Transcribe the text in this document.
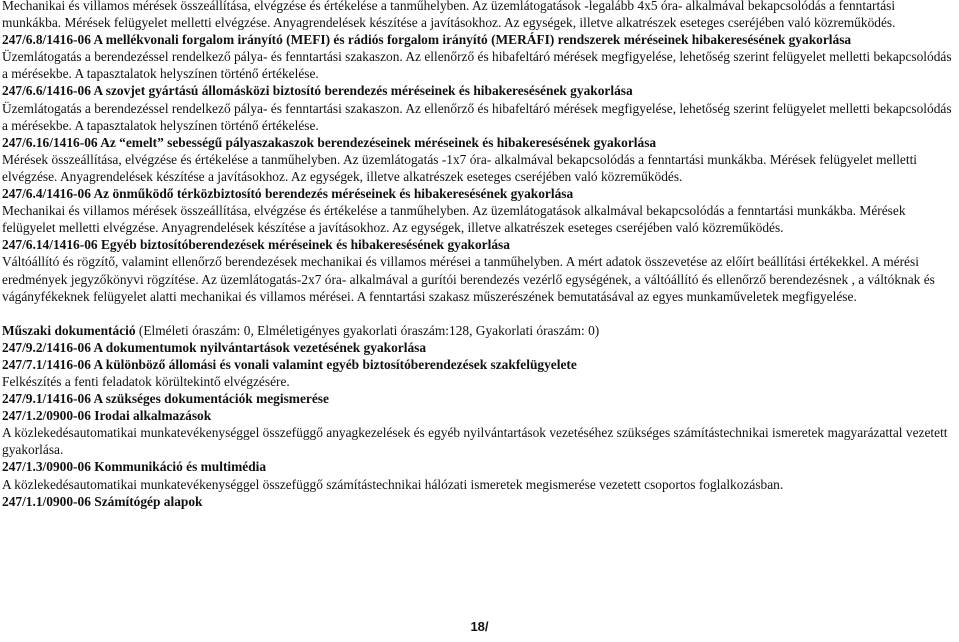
Mechanikai és villamos mérések összeállítása, elvégzése és értékelése a tanműhelyben. Az üzemlátogatások -legalább 4x5 óra- alkalmával bekapcsolódás a fenntartási munkákba. Mérések felügyelet melletti elvégzése. Anyagrendelések készítése a javításokhoz. Az egységek, illetve alkatrészek eseteges cseréjében való közreműködés.

247/6.8/1416-06 A mellékvonali forgalom irányító (MEFI) és rádiós forgalom irányító (MERÁFI) rendszerek méréseinek hibakeresésének gyakorlása

Üzemlátogatás a berendezéssel rendelkező pálya- és fenntartási szakaszon. Az ellenőrző és hibafeltáró mérések megfigyelése, lehetőség szerint felügyelet melletti bekapcsolódás a mérésekbe. A tapasztalatok helyszínen történő értékelése.

247/6.6/1416-06 A szovjet gyártású állomásközi biztosító berendezés méréseinek és hibakeresésének gyakorlása

Üzemlátogatás a berendezéssel rendelkező pálya- és fenntartási szakaszon. Az ellenőrző és hibafeltáró mérések megfigyelése, lehetőség szerint felügyelet melletti bekapcsolódás a mérésekbe. A tapasztalatok helyszínen történő értékelése.

247/6.16/1416-06 Az “emelt” sebességű pályaszakaszok berendezéseinek méréseinek és hibakeresésének gyakorlása

Mérések összeállítása, elvégzése és értékelése a tanműhelyben. Az üzemlátogatás -1x7 óra- alkalmával bekapcsolódás a fenntartási munkákba. Mérések felügyelet melletti elvégzése. Anyagrendelések készítése a javításokhoz. Az egységek, illetve alkatrészek eseteges cseréjében való közreműködés.

247/6.4/1416-06 Az önműködő térközbiztosító berendezés méréseinek és hibakeresésének gyakorlása

Mechanikai és villamos mérések összeállítása, elvégzése és értékelése a tanműhelyben. Az üzemlátogatások alkalmával bekapcsolódás a fenntartási munkákba. Mérések felügyelet melletti elvégzése. Anyagrendelések készítése a javításokhoz. Az egységek, illetve alkatrészek eseteges cseréjében való közreműködés.

247/6.14/1416-06 Egyéb biztosítóberendezések méréseinek és hibakeresésének gyakorlása

Váltóállító és rögzítő, valamint ellenőrző berendezések mechanikai és villamos mérései a tanműhelyben. A mért adatok összevetése az előírt beállítási értékekkel. A mérési eredmények jegyzőkönyvi rögzítése. Az üzemlátogatás-2x7 óra- alkalmával a gurítói berendezés vezérlő egységének, a váltóállító és ellenőrző berendezésnek , a váltóknak és vágányfékeknek felügyelet alatti mechanikai és villamos mérései. A fenntartási szakasz műszerészének bemutatásával az egyes munkaműveletek megfigyelése.

Műszaki dokumentáció (Elméleti óraszám: 0, Elméletigényes gyakorlati óraszám:128, Gyakorlati óraszám: 0)

247/9.2/1416-06 A dokumentumok nyilvántartások vezetésének gyakorlása

247/7.1/1416-06 A különböző állomási és vonali valamint egyéb biztosítóberendezések szakfelügyelete

Felkészítés a fenti feladatok körültekintő elvégzésére.

247/9.1/1416-06 A szükséges dokumentációk megismerése

247/1.2/0900-06 Irodai alkalmazások

A közlekedésautomatikai munkatevékenységgel összefüggő anyagkezelések és egyéb nyilvántartások vezetéséhez szükséges számítástechnikai ismeretek magyarázattal vezetett gyakorlása.

247/1.3/0900-06 Kommunikáció és multimédia

A közlekedésautomatikai munkatevékenységgel összefüggő számítástechnikai hálózati ismeretek megismerése vezetett csoportos foglalkozásban.

247/1.1/0900-06 Számítógép alapok

18/
